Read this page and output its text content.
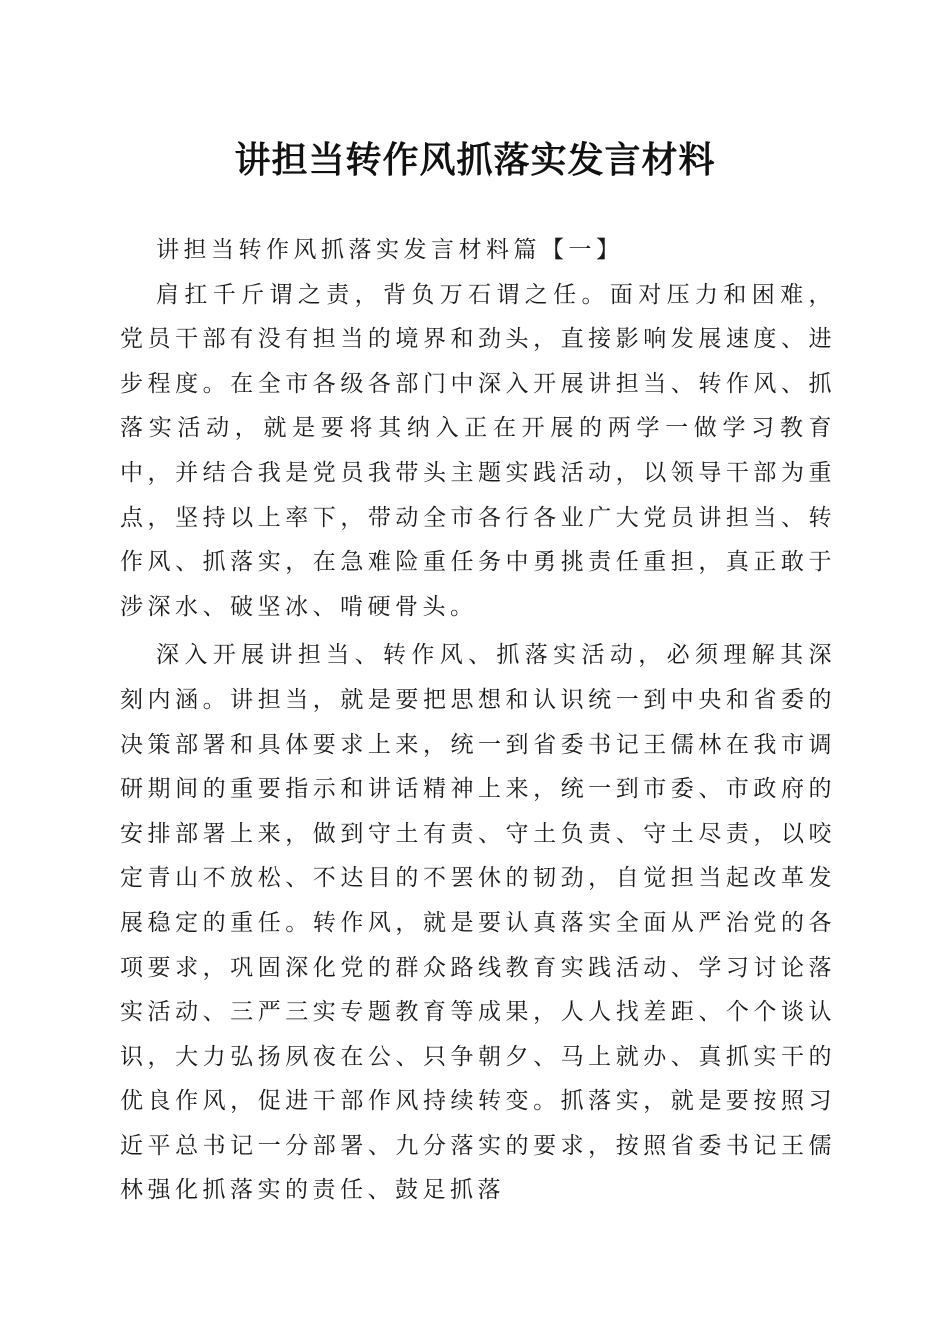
讲担当转作风抓落实发言材料

讲担当转作风抓落实发言材料篇【一】

肩扛千斤谓之责，背负万石谓之任。面对压力和困难，党员干部有没有担当的境界和劲头，直接影响发展速度、进步程度。在全市各级各部门中深入开展讲担当、转作风、抓落实活动，就是要将其纳入正在开展的两学一做学习教育中，并结合我是党员我带头主题实践活动，以领导干部为重点，坚持以上率下，带动全市各行各业广大党员讲担当、转作风、抓落实，在急难险重任务中勇挑责任重担，真正敢于涉深水、破坚冰、啃硬骨头。

深入开展讲担当、转作风、抓落实活动，必须理解其深刻内涵。讲担当，就是要把思想和认识统一到中央和省委的决策部署和具体要求上来，统一到省委书记王儒林在我市调研期间的重要指示和讲话精神上来，统一到市委、市政府的安排部署上来，做到守土有责、守土负责、守土尽责，以咬定青山不放松、不达目的不罢休的韧劲，自觉担当起改革发展稳定的重任。转作风，就是要认真落实全面从严治党的各项要求，巩固深化党的群众路线教育实践活动、学习讨论落实活动、三严三实专题教育等成果，人人找差距、个个谈认识，大力弘扬夙夜在公、只争朝夕、马上就办、真抓实干的优良作风，促进干部作风持续转变。抓落实，就是要按照习近平总书记一分部署、九分落实的要求，按照省委书记王儒林强化抓落实的责任、鼓足抓落
